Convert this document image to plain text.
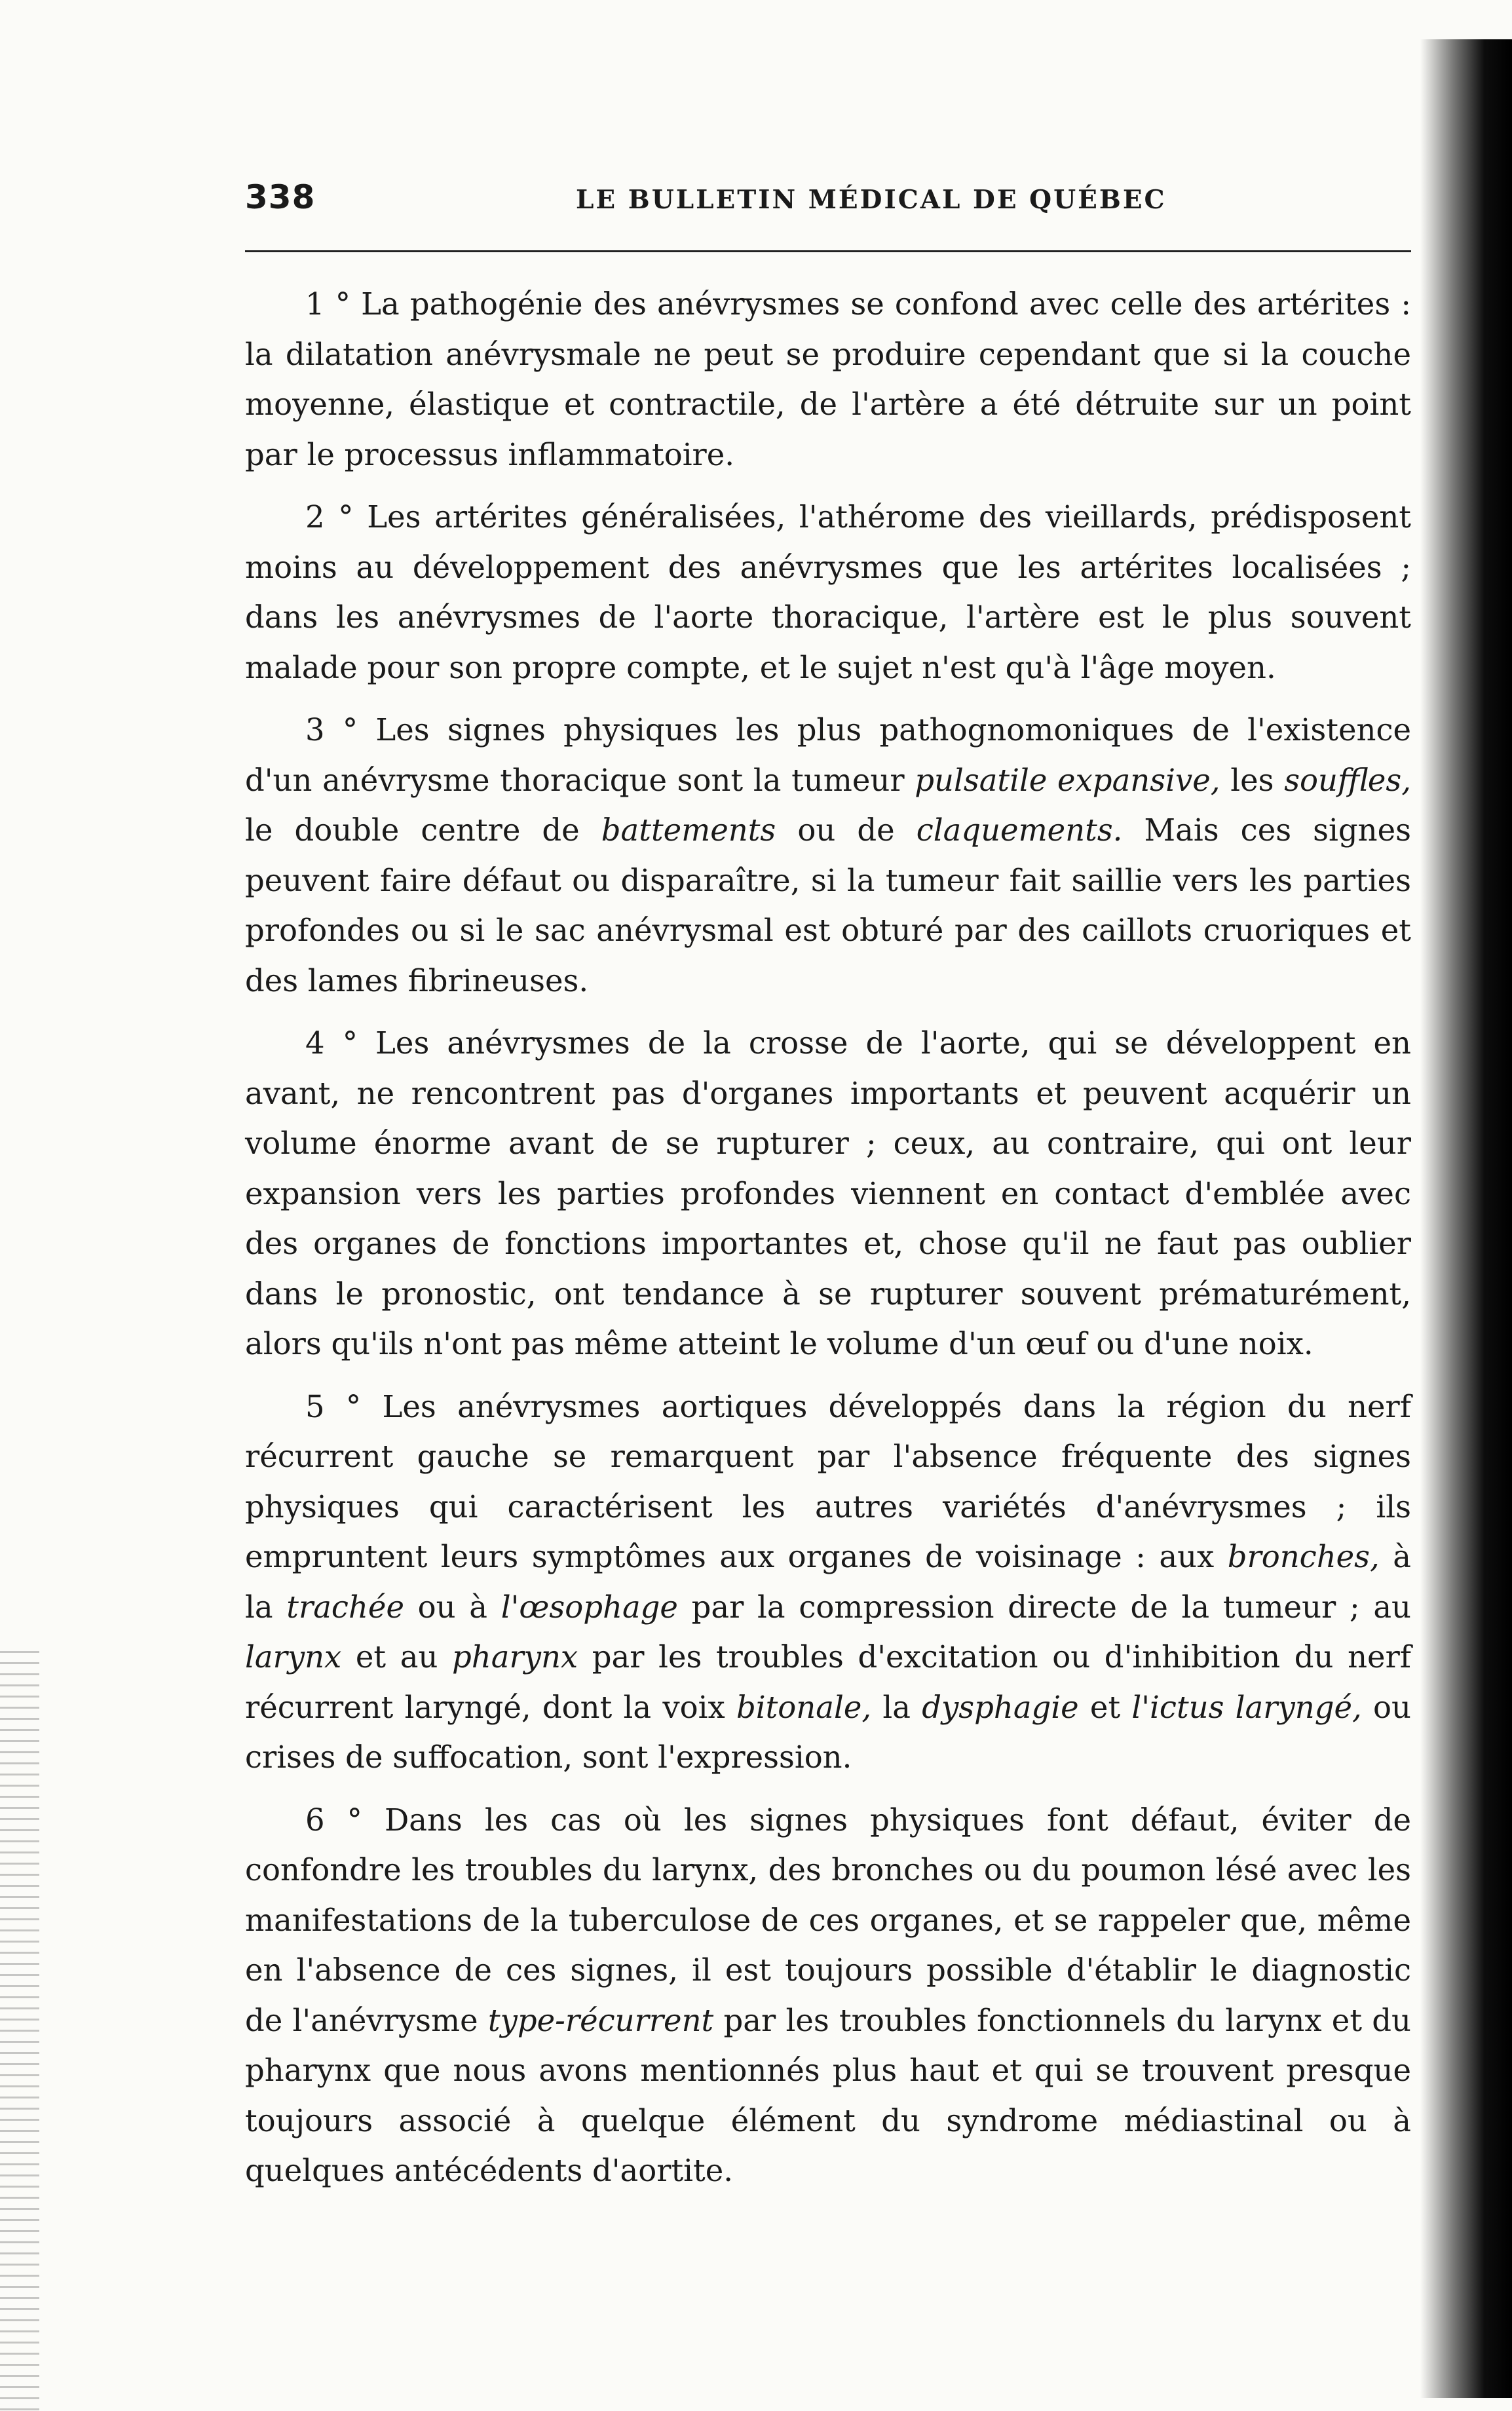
338	LE BULLETIN MÉDICAL DE QUÉBEC

1 ° La pathogénie des anévrysmes se confond avec celle des artérites : la dilatation anévrysmale ne peut se produire cependant que si la couche moyenne, élastique et contractile, de l'artère a été détruite sur un point par le processus inflammatoire.

2 ° Les artérites généralisées, l'athérome des vieillards, prédisposent moins au développement des anévrysmes que les artérites localisées ; dans les anévrysmes de l'aorte thoracique, l'artère est le plus souvent malade pour son propre compte, et le sujet n'est qu'à l'âge moyen.

3 ° Les signes physiques les plus pathognomoniques de l'existence d'un anévrysme thoracique sont la tumeur pulsatile expansive, les souffles, le double centre de battements ou de claquements. Mais ces signes peuvent faire défaut ou disparaître, si la tumeur fait saillie vers les parties profondes ou si le sac anévrysmal est obturé par des caillots cruoriques et des lames fibrineuses.

4 ° Les anévrysmes de la crosse de l'aorte, qui se développent en avant, ne rencontrent pas d'organes importants et peuvent acquérir un volume énorme avant de se rupturer ; ceux, au contraire, qui ont leur expansion vers les parties profondes viennent en contact d'emblée avec des organes de fonctions importantes et, chose qu'il ne faut pas oublier dans le pronostic, ont tendance à se rupturer souvent prématurément, alors qu'ils n'ont pas même atteint le volume d'un œuf ou d'une noix.

5 ° Les anévrysmes aortiques développés dans la région du nerf récurrent gauche se remarquent par l'absence fréquente des signes physiques qui caractérisent les autres variétés d'anévrysmes ; ils empruntent leurs symptômes aux organes de voisinage : aux bronches, à la trachée ou à l'œsophage par la compression directe de la tumeur ; au larynx et au pharynx par les troubles d'excitation ou d'inhibition du nerf récurrent laryngé, dont la voix bitonale, la dysphagie et l'ictus laryngé, ou crises de suffocation, sont l'expression.

6 ° Dans les cas où les signes physiques font défaut, éviter de confondre les troubles du larynx, des bronches ou du poumon lésé avec les manifestations de la tuberculose de ces organes, et se rappeler que, même en l'absence de ces signes, il est toujours possible d'établir le diagnostic de l'anévrysme type-récurrent par les troubles fonctionnels du larynx et du pharynx que nous avons mentionnés plus haut et qui se trouvent presque toujours associé à quelque élément du syndrome médiastinal ou à quelques antécédents d'aortite.
